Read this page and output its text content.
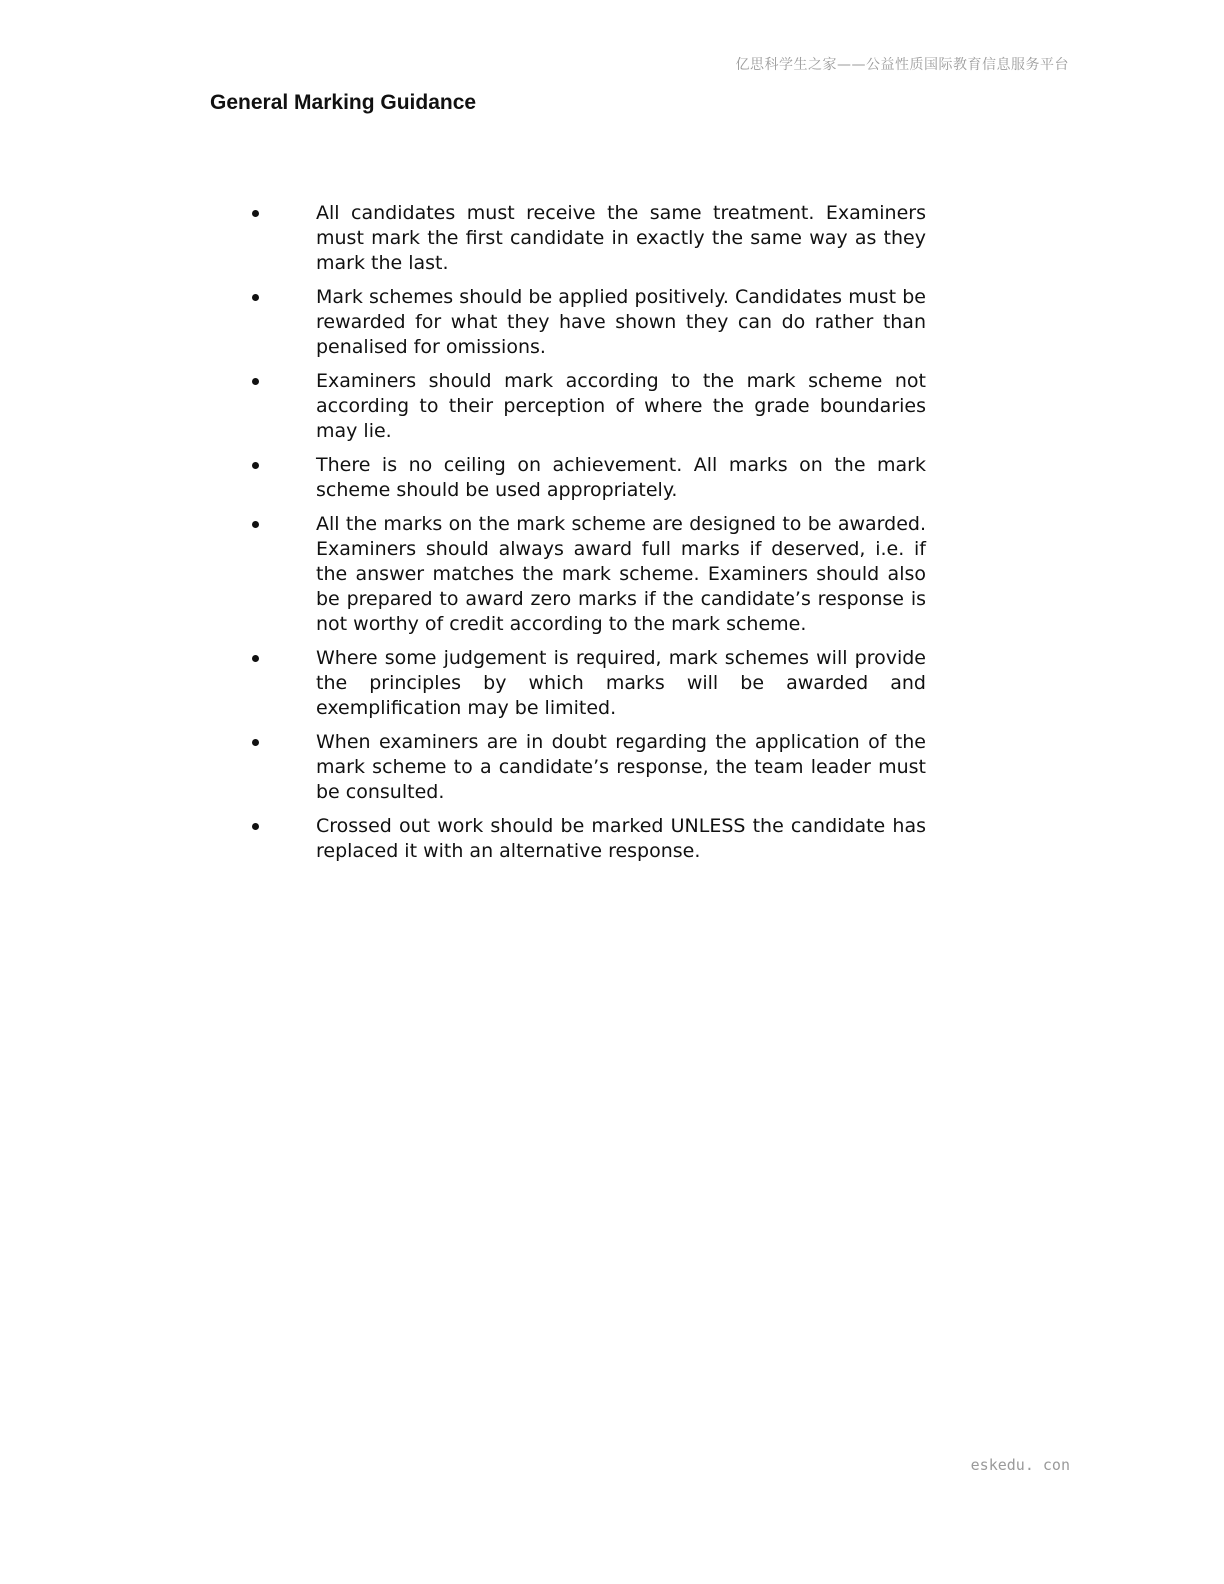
亿思科学生之家——公益性质国际教育信息服务平台
General Marking Guidance
All candidates must receive the same treatment. Examiners must mark the first candidate in exactly the same way as they mark the last.
Mark schemes should be applied positively. Candidates must be rewarded for what they have shown they can do rather than penalised for omissions.
Examiners should mark according to the mark scheme not according to their perception of where the grade boundaries may lie.
There is no ceiling on achievement. All marks on the mark scheme should be used appropriately.
All the marks on the mark scheme are designed to be awarded. Examiners should always award full marks if deserved, i.e. if the answer matches the mark scheme. Examiners should also be prepared to award zero marks if the candidate’s response is not worthy of credit according to the mark scheme.
Where some judgement is required, mark schemes will provide the principles by which marks will be awarded and exemplification may be limited.
When examiners are in doubt regarding the application of the mark scheme to a candidate’s response, the team leader must be consulted.
Crossed out work should be marked UNLESS the candidate has replaced it with an alternative response.
eskedu. con
